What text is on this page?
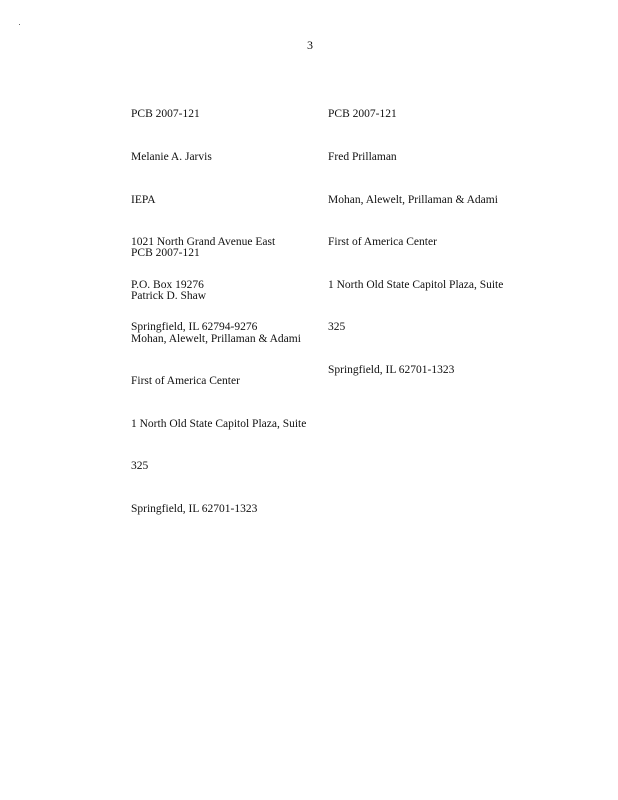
3

PCB 2007-121

Melanie A. Jarvis

IEPA

1021 North Grand Avenue East

P.O. Box 19276

Springfield, IL 62794-9276

PCB 2007-121

Fred Prillaman

Mohan, Alewelt, Prillaman & Adami

First of America Center

1 North Old State Capitol Plaza, Suite

325

Springfield, IL 62701-1323

PCB 2007-121

Patrick D. Shaw

Mohan, Alewelt, Prillaman & Adami

First of America Center

1 North Old State Capitol Plaza, Suite

325

Springfield, IL 62701-1323
